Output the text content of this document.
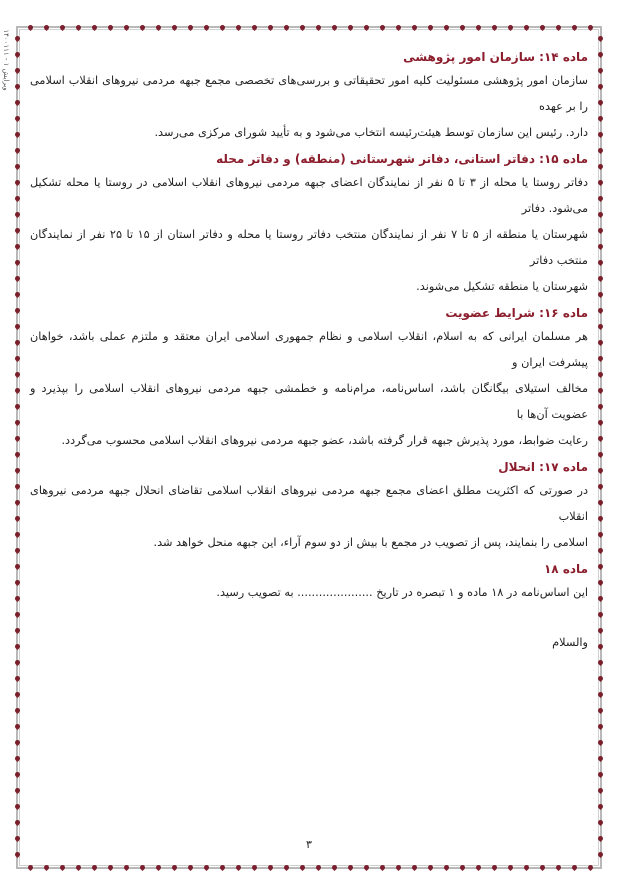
ویرایش ۱ - ۱۴۰۰۱۱۱
ماده ۱۴: سازمان امور پژوهشی

سازمان امور پژوهشی مسئولیت کلیه امور تحقیقاتی و بررسی‌های تخصصی مجمع جبهه مردمی نیروهای انقلاب اسلامی را بر عهده

دارد. رئیس این سازمان توسط هیئت‌رئیسه انتخاب می‌شود و به تأیید شورای مرکزی می‌رسد.

ماده ۱۵: دفاتر استانی، دفاتر شهرستانی (منطقه) و دفاتر محله

دفاتر روستا یا محله از ۳ تا ۵ نفر از نمایندگان اعضای جبهه مردمی نیروهای انقلاب اسلامی در روستا یا محله تشکیل می‌شود. دفاتر

شهرستان یا منطقه از ۵ تا ۷ نفر از نمایندگان منتخب دفاتر روستا یا محله و دفاتر استان از ۱۵ تا ۲۵ نفر از نمایندگان منتخب دفاتر

شهرستان یا منطقه تشکیل می‌شوند.

ماده ۱۶: شرایط عضویت

هر مسلمان ایرانی که به اسلام، انقلاب اسلامی و نظام جمهوری اسلامی ایران معتقد و ملتزم عملی باشد، خواهان پیشرفت ایران و

مخالف استیلای بیگانگان باشد، اساس‌نامه، مرام‌نامه و خطمشی جبهه مردمی نیروهای انقلاب اسلامی را بپذیرد و عضویت آن‌ها با

رعایت ضوابط، مورد پذیرش جبهه قرار گرفته باشد، عضو جبهه مردمی نیروهای انقلاب اسلامی محسوب می‌گردد.

ماده ۱۷: انحلال

در صورتی که اکثریت مطلق اعضای مجمع جبهه مردمی نیروهای انقلاب اسلامی تقاضای انحلال جبهه مردمی نیروهای انقلاب

اسلامی را بنمایند، پس از تصویب در مجمع با بیش از دو سوم آراء، این جبهه منحل خواهد شد.

ماده ۱۸

این اساس‌نامه در ۱۸ ماده و ۱ تبصره در تاریخ ..................... به تصویب رسید.

والسلام
۳
